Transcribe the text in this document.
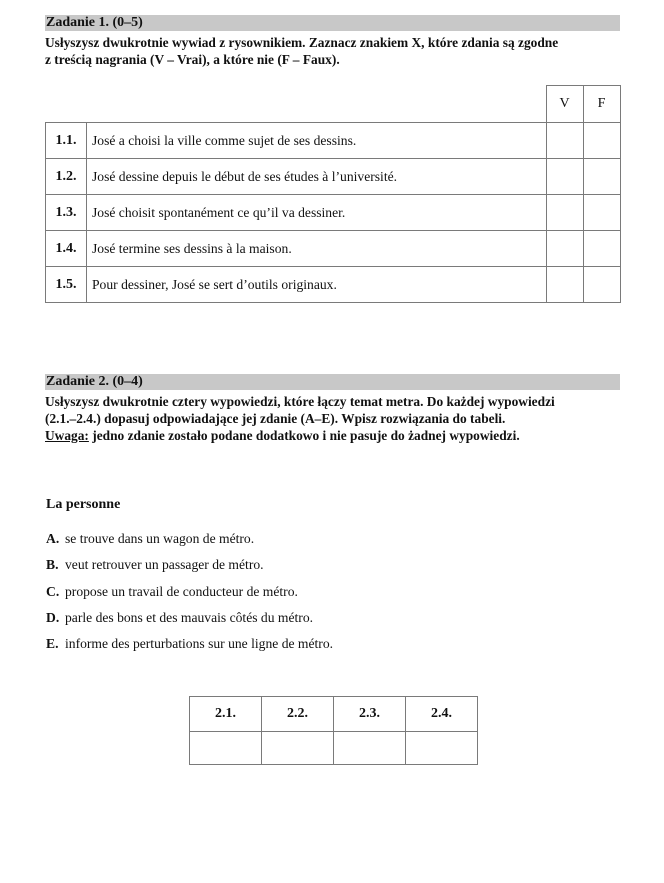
Zadanie 1. (0–5)

Usłyszysz dwukrotnie wywiad z rysownikiem. Zaznacz znakiem X, które zdania są zgodne

z treścią nagrania (V – Vrai), a które nie (F – Faux).

		V	F
1.1.	José a choisi la ville comme sujet de ses dessins.		
1.2.	José dessine depuis le début de ses études à l’université.		
1.3.	José choisit spontanément ce qu’il va dessiner.		
1.4.	José termine ses dessins à la maison.		
1.5.	Pour dessiner, José se sert d’outils originaux.		
Zadanie 2. (0–4)

Usłyszysz dwukrotnie cztery wypowiedzi, które łączy temat metra. Do każdej wypowiedzi

(2.1.–2.4.) dopasuj odpowiadające jej zdanie (A–E). Wpisz rozwiązania do tabeli.

Uwaga: jedno zdanie zostało podane dodatkowo i nie pasuje do żadnej wypowiedzi.

La personne
A. se trouve dans un wagon de métro.
B. veut retrouver un passager de métro.
C. propose un travail de conducteur de métro.
D. parle des bons et des mauvais côtés du métro.
E. informe des perturbations sur une ligne de métro.
2.1.	2.2.	2.3.	2.4.
